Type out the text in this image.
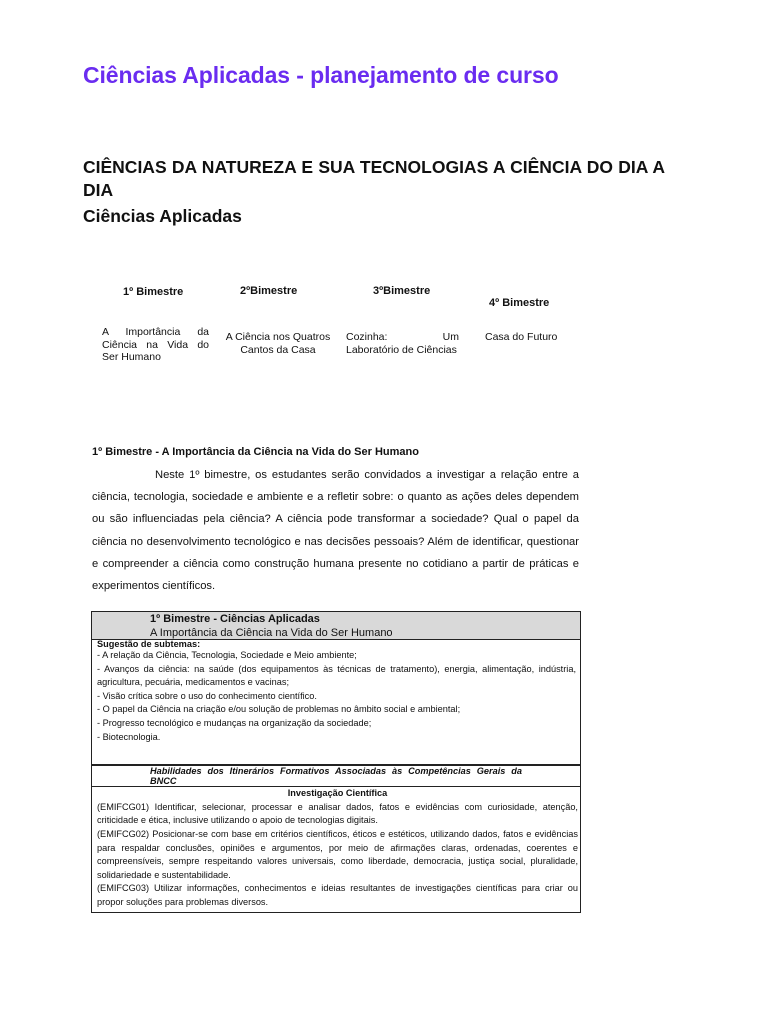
Ciências Aplicadas - planejamento de curso
CIÊNCIAS DA NATUREZA E SUA TECNOLOGIAS A CIÊNCIA DO DIA A DIA
Ciências Aplicadas

1º Bimestre	2ºBimestre	3ºBimestre

4º Bimestre

A Importância da Ciência na Vida do Ser Humano

A Ciência nos Quatros Cantos da Casa

Cozinha: Um Laboratório de Ciências

Casa do Futuro

1º Bimestre - A Importância da Ciência na Vida do Ser Humano

Neste 1º bimestre, os estudantes serão convidados a investigar a relação entre a ciência, tecnologia, sociedade e ambiente e a refletir sobre: o quanto as ações deles dependem ou são influenciadas pela ciência? A ciência pode transformar a sociedade? Qual o papel da ciência no desenvolvimento tecnológico e nas decisões pessoais? Além de identificar, questionar e compreender a ciência como construção humana presente no cotidiano a partir de práticas e experimentos científicos.

1º Bimestre - Ciências Aplicadas

A Importância da Ciência na Vida do Ser Humano

Sugestão de subtemas:

- A relação da Ciência, Tecnologia, Sociedade e Meio ambiente;

- Avanços da ciência: na saúde (dos equipamentos às técnicas de tratamento), energia, alimentação, indústria, agricultura, pecuária, medicamentos e vacinas;

- Visão crítica sobre o uso do conhecimento científico.

- O papel da Ciência na criação e/ou solução de problemas no âmbito social e ambiental;

- Progresso tecnológico e mudanças na organização da sociedade;

- Biotecnologia.

Habilidades dos Itinerários Formativos Associadas às Competências Gerais da BNCC

Investigação Científica

(EMIFCG01) Identificar, selecionar, processar e analisar dados, fatos e evidências com curiosidade, atenção, criticidade e ética, inclusive utilizando o apoio de tecnologias digitais.

(EMIFCG02) Posicionar-se com base em critérios científicos, éticos e estéticos, utilizando dados, fatos e evidências para respaldar conclusões, opiniões e argumentos, por meio de afirmações claras, ordenadas, coerentes e compreensíveis, sempre respeitando valores universais, como liberdade, democracia, justiça social, pluralidade, solidariedade e sustentabilidade.

(EMIFCG03) Utilizar informações, conhecimentos e ideias resultantes de investigações científicas para criar ou propor soluções para problemas diversos.
